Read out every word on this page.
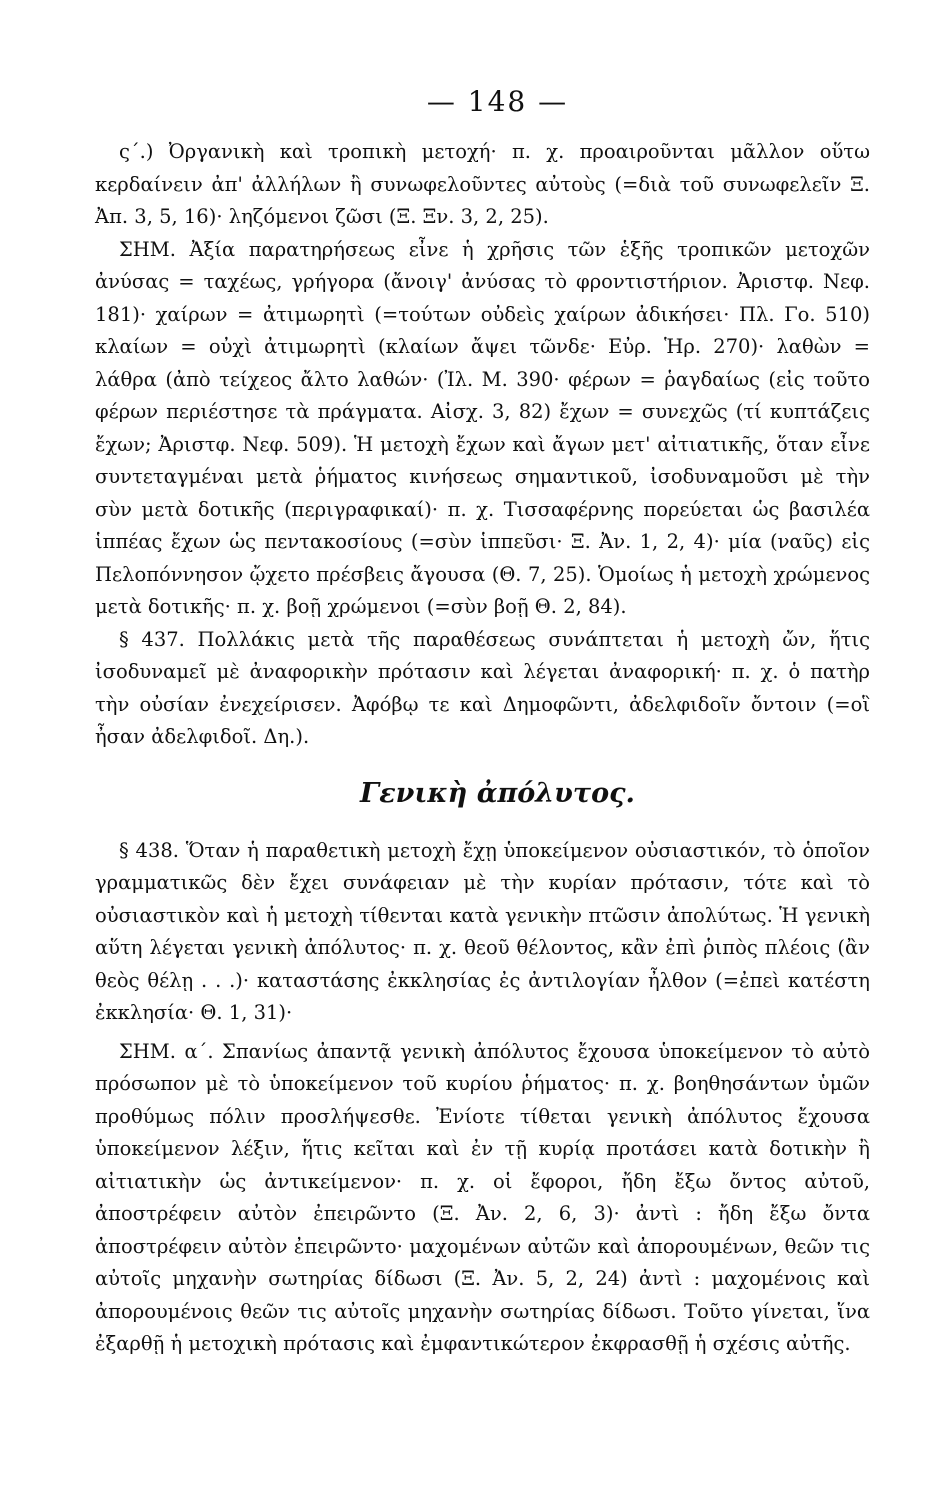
— 148 —

ς΄.) Ὀργανικὴ καὶ τροπικὴ μετοχή· π. χ. προαιροῦνται μᾶλλον οὕτω κερδαίνειν ἀπ' ἀλλήλων ἢ συνωφελοῦντες αὐτοὺς (=διὰ τοῦ συνωφελεῖν Ξ. Ἀπ. 3, 5, 16)· ληζόμενοι ζῶσι (Ξ. Ξν. 3, 2, 25).

ΣΗΜ. Ἀξία παρατηρήσεως εἶνε ἡ χρῆσις τῶν ἑξῆς τροπικῶν μετοχῶν ἀνύσας = ταχέως, γρήγορα (ἄνοιγ' ἀνύσας τὸ φροντιστήριον. Ἀριστφ. Νεφ. 181)· χαίρων = ἀτιμωρητὶ (=τούτων οὐδεὶς χαίρων ἀδικήσει· Πλ. Γο. 510) κλαίων = οὐχὶ ἀτιμωρητὶ (κλαίων ἄψει τῶνδε· Εὐρ. Ἡρ. 270)· λαθὼν = λάθρα (ἀπὸ τείχεος ἄλτο λαθών· (Ἰλ. Μ. 390· φέρων = ῥαγδαίως (εἰς τοῦτο φέρων περιέστησε τὰ πράγματα. Αἰσχ. 3, 82) ἔχων = συνεχῶς (τί κυπτάζεις ἔχων; Ἀριστφ. Νεφ. 509). Ἡ μετοχὴ ἔχων καὶ ἄγων μετ' αἰτιατικῆς, ὅταν εἶνε συντεταγμέναι μετὰ ῥήματος κινήσεως σημαντικοῦ, ἰσοδυναμοῦσι μὲ τὴν σὺν μετὰ δοτικῆς (περιγραφικαί)· π. χ. Τισσαφέρνης πορεύεται ὡς βασιλέα ἱππέας ἔχων ὡς πεντακοσίους (=σὺν ἱππεῦσι· Ξ. Ἀν. 1, 2, 4)· μία (ναῦς) εἰς Πελοπόννησον ᾤχετο πρέσβεις ἄγουσα (Θ. 7, 25). Ὁμοίως ἡ μετοχὴ χρώμενος μετὰ δοτικῆς· π. χ. βοῇ χρώμενοι (=σὺν βοῇ Θ. 2, 84).

§ 437. Πολλάκις μετὰ τῆς παραθέσεως συνάπτεται ἡ μετοχὴ ὤν, ἥτις ἰσοδυναμεῖ μὲ ἀναφορικὴν πρότασιν καὶ λέγεται ἀναφορική· π. χ. ὁ πατὴρ τὴν οὐσίαν ἐνεχείρισεν. Ἀφόβῳ τε καὶ Δημοφῶντι, ἀδελφιδοῖν ὄντοιν (=οἳ ἦσαν ἀδελφιδοῖ. Δη.).

Γενικὴ ἀπόλυτος.

§ 438. Ὅταν ἡ παραθετικὴ μετοχὴ ἔχῃ ὑποκείμενον οὐσιαστικόν, τὸ ὁποῖον γραμματικῶς δὲν ἔχει συνάφειαν μὲ τὴν κυρίαν πρότασιν, τότε καὶ τὸ οὐσιαστικὸν καὶ ἡ μετοχὴ τίθενται κατὰ γενικὴν πτῶσιν ἀπολύτως. Ἡ γενικὴ αὕτη λέγεται γενικὴ ἀπόλυτος· π. χ. θεοῦ θέλοντος, κἂν ἐπὶ ῥιπὸς πλέοις (ἂν θεὸς θέλῃ . . .)· καταστάσης ἐκκλησίας ἐς ἀντιλογίαν ἦλθον (=ἐπεὶ κατέστη ἐκκλησία· Θ. 1, 31)·

ΣΗΜ. α΄. Σπανίως ἀπαντᾷ γενικὴ ἀπόλυτος ἔχουσα ὑποκείμενον τὸ αὐτὸ πρόσωπον μὲ τὸ ὑποκείμενον τοῦ κυρίου ῥήματος· π. χ. βοηθησάντων ὑμῶν προθύμως πόλιν προσλήψεσθε. Ἐνίοτε τίθεται γενικὴ ἀπόλυτος ἔχουσα ὑποκείμενον λέξιν, ἥτις κεῖται καὶ ἐν τῇ κυρίᾳ προτάσει κατὰ δοτικὴν ἢ αἰτιατικὴν ὡς ἀντικείμενον· π. χ. οἱ ἔφοροι, ἤδη ἔξω ὄντος αὐτοῦ, ἀποστρέφειν αὐτὸν ἐπειρῶντο (Ξ. Ἀν. 2, 6, 3)· ἀντὶ : ἤδη ἔξω ὄντα ἀποστρέφειν αὐτὸν ἐπειρῶντο· μαχομένων αὐτῶν καὶ ἀπορουμένων, θεῶν τις αὐτοῖς μηχανὴν σωτηρίας δίδωσι (Ξ. Ἀν. 5, 2, 24) ἀντὶ : μαχομένοις καὶ ἀπορουμένοις θεῶν τις αὐτοῖς μηχανὴν σωτηρίας δίδωσι. Τοῦτο γίνεται, ἵνα ἐξαρθῇ ἡ μετοχικὴ πρότασις καὶ ἐμφαντικώτερον ἐκφρασθῇ ἡ σχέσις αὐτῆς.
